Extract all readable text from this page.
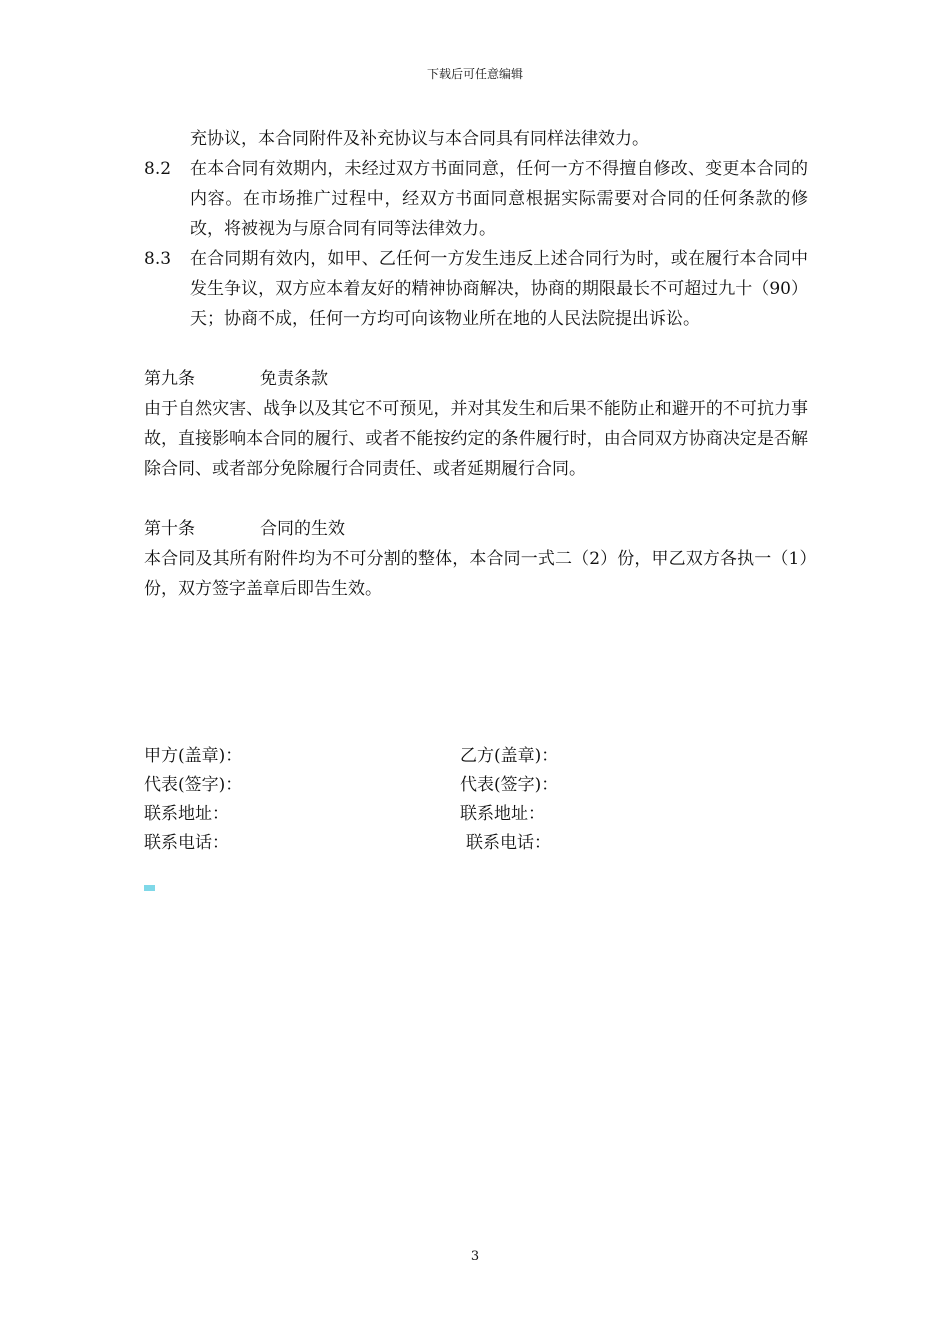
下载后可任意编辑

充协议，本合同附件及补充协议与本合同具有同样法律效力。

8.2	在本合同有效期内，未经过双方书面同意，任何一方不得擅自修改、变更本合同的内容。在市场推广过程中，经双方书面同意根据实际需要对合同的任何条款的修改，将被视为与原合同有同等法律效力。
8.3	在合同期有效内，如甲、乙任何一方发生违反上述合同行为时，或在履行本合同中发生争议，双方应本着友好的精神协商解决，协商的期限最长不可超过九十（90）天；协商不成，任何一方均可向该物业所在地的人民法院提出诉讼。
第九条	免责条款

由于自然灾害、战争以及其它不可预见，并对其发生和后果不能防止和避开的不可抗力事故，直接影响本合同的履行、或者不能按约定的条件履行时，由合同双方协商决定是否解除合同、或者部分免除履行合同责任、或者延期履行合同。

第十条	合同的生效

本合同及其所有附件均为不可分割的整体，本合同一式二（2）份，甲乙双方各执一（1）份，双方签字盖章后即告生效。

甲方(盖章)：	乙方(盖章)：
代表(签字)：	代表(签字)：
联系地址：	联系地址：
联系电话：	联系电话：
3
